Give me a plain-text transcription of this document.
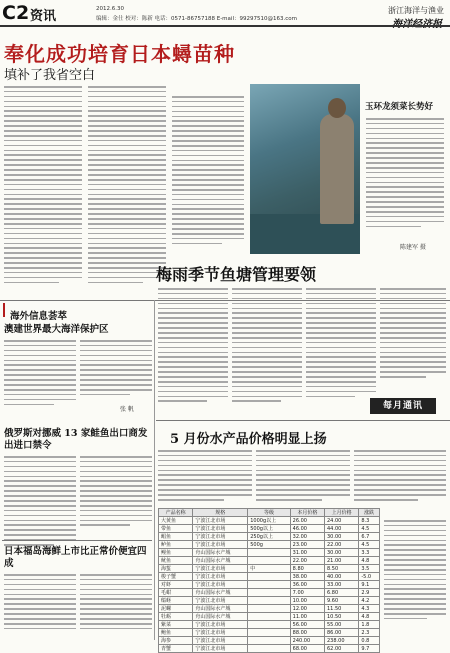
C2 资讯	2012.6.30
编辑：金仕 校对：陈新 电话：0571-86757188 E-mail：99297510@163.com
浙江海洋与渔业
奉化成功培育日本蟳苗种
填补了我省空白
玉环龙须菜长势好
陈建军 摄
海外信息荟萃
澳建世界最大海洋保护区
张 帆
俄罗斯对挪威 13 家鲑鱼出口商发出进口禁令
日本福岛海鲜上市比正常价便宜四成
梅雨季节鱼塘管理要领
每月通讯
5 月份水产品价格明显上扬
产品名称	规格	等级	本月价格	上月价格	涨跌
大黄鱼	宁波江北市场	1000g以上	26.00	24.00	8.3
带鱼	宁波江北市场	500g以上	46.00	44.00	4.5
鲳鱼	宁波江北市场	250g以上	32.00	30.00	6.7
鲈鱼	宁波江北市场	500g	23.00	22.00	4.5
鳗鱼	舟山国际水产城		31.00	30.00	3.3
鱿鱼	舟山国际水产城		22.00	21.00	4.8
海蜇	宁波江北市场	中	8.80	8.50	3.5
梭子蟹	宁波江北市场		38.00	40.00	-5.0
对虾	宁波江北市场		36.00	33.00	9.1
毛蚶	舟山国际水产城		7.00	6.80	2.9
缢蛏	宁波江北市场		10.00	9.60	4.2
泥螺	舟山国际水产城		12.00	11.50	4.3
牡蛎	舟山国际水产城		11.00	10.50	4.8
紫菜	宁波江北市场		56.00	55.00	1.8
鲍鱼	宁波江北市场		88.00	86.00	2.3
海参	宁波江北市场		240.00	238.00	0.8
青蟹	宁波江北市场		68.00	62.00	9.7
